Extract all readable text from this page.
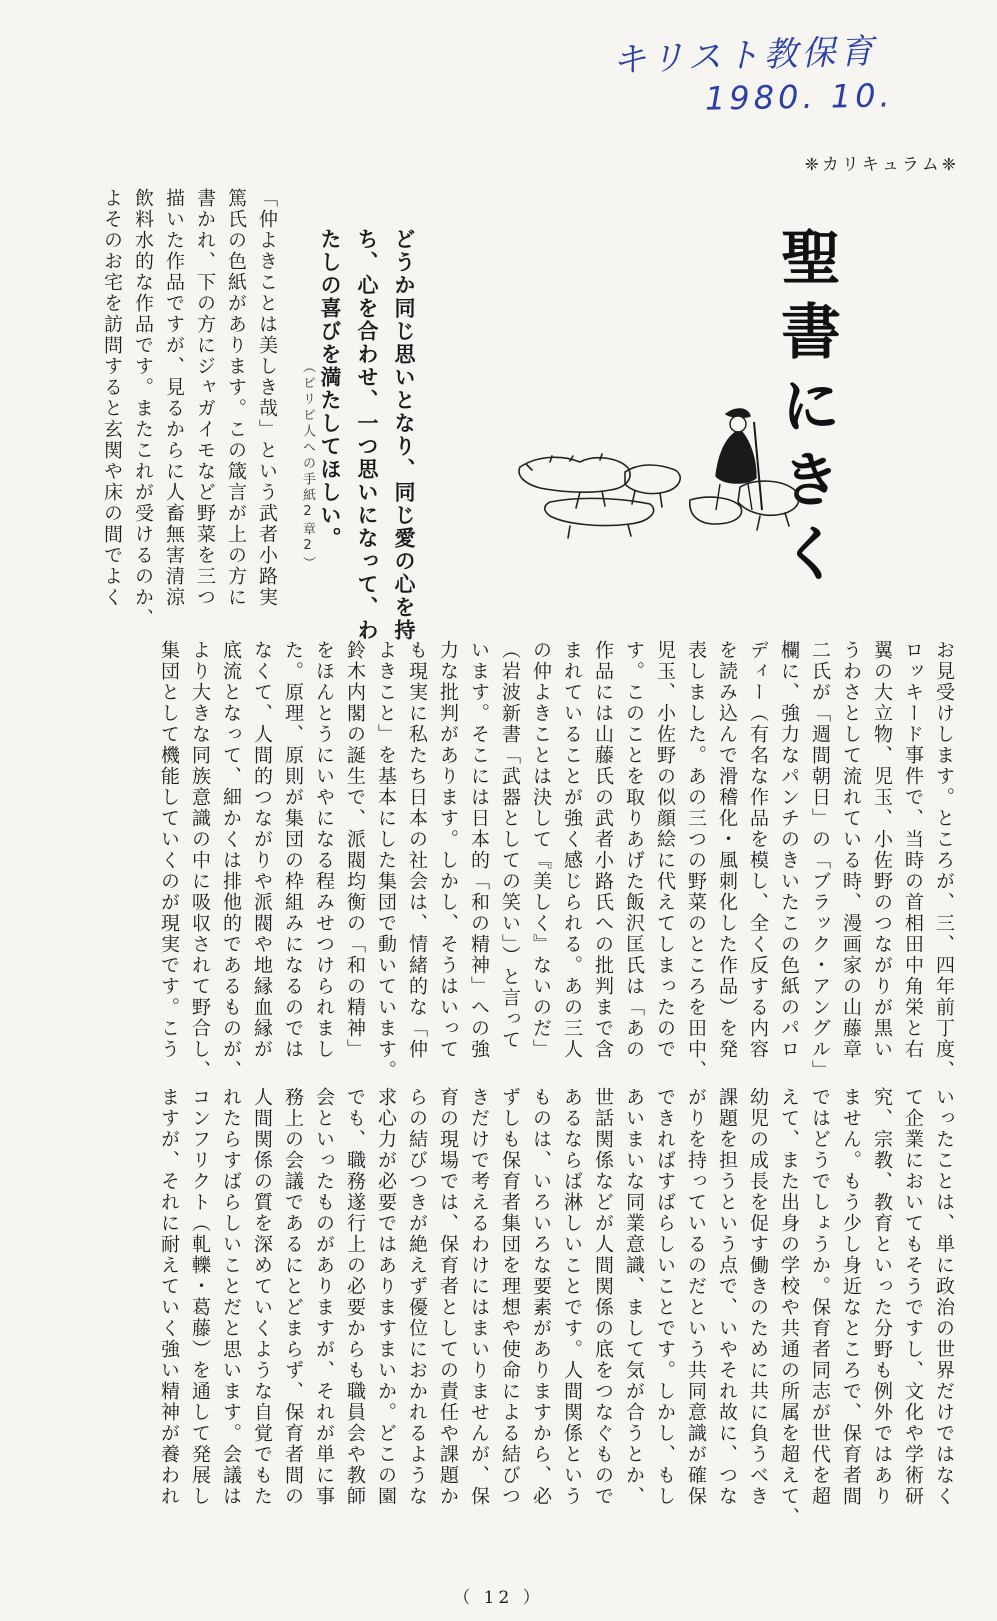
キリスト教保育
1980. 10.
❈カリキュラム❈
聖書にきく
どうか同じ思いとなり、同じ愛の心を持
ち、心を合わせ、一つ思いになって、わ
たしの喜びを満たしてほしい。
（ピリピ人への手紙2章2）
「仲よきことは美しき哉」という武者小路実
篤氏の色紙があります。この箴言が上の方に
書かれ、下の方にジャガイモなど野菜を三つ
描いた作品ですが、見るからに人畜無害清涼
飲料水的な作品です。またこれが受けるのか、
よそのお宅を訪問すると玄関や床の間でよく
お見受けします。ところが、三、四年前丁度、
ロッキード事件で、当時の首相田中角栄と右
翼の大立物、児玉、小佐野のつながりが黒い
うわさとして流れている時、漫画家の山藤章
二氏が「週間朝日」の「ブラック・アングル」
欄に、強力なパンチのきいたこの色紙のパロ
ディー（有名な作品を模し、全く反する内容
を読み込んで滑稽化・風刺化した作品）を発
表しました。あの三つの野菜のところを田中、
児玉、小佐野の似顔絵に代えてしまったので
す。このことを取りあげた飯沢匡氏は「あの
作品には山藤氏の武者小路氏への批判まで含
まれていることが強く感じられる。あの三人
の仲よきことは決して『美しく』ないのだ」
（岩波新書「武器としての笑い」）と言って
います。そこには日本的「和の精神」への強
力な批判があります。しかし、そうはいって
も現実に私たち日本の社会は、情緒的な「仲
よきこと」を基本にした集団で動いています。
鈴木内閣の誕生で、派閥均衡の「和の精神」
をほんとうにいやになる程みせつけられまし
た。原理、原則が集団の枠組みになるのでは
なくて、人間的つながりや派閥や地縁血縁が
底流となって、細かくは排他的であるものが、
より大きな同族意識の中に吸収されて野合し、
集団として機能していくのが現実です。こう
いったことは、単に政治の世界だけではなく
て企業においてもそうですし、文化や学術研
究、宗教、教育といった分野も例外ではあり
ません。もう少し身近なところで、保育者間
ではどうでしょうか。保育者同志が世代を超
えて、また出身の学校や共通の所属を超えて、
幼児の成長を促す働きのために共に負うべき
課題を担うという点で、いやそれ故に、つな
がりを持っているのだという共同意識が確保
できればすばらしいことです。しかし、もし
あいまいな同業意識、まして気が合うとか、
世話関係などが人間関係の底をつなぐもので
あるならば淋しいことです。人間関係という
ものは、いろいろな要素がありますから、必
ずしも保育者集団を理想や使命による結びつ
きだけで考えるわけにはまいりませんが、保
育の現場では、保育者としての責任や課題か
らの結びつきが絶えず優位におかれるような
求心力が必要ではありますまいか。どこの園
でも、職務遂行上の必要からも職員会や教師
会といったものがありますが、それが単に事
務上の会議であるにとどまらず、保育者間の
人間関係の質を深めていくような自覚でもた
れたらすばらしいことだと思います。会議は
コンフリクト（軋轢・葛藤）を通して発展し
ますが、それに耐えていく強い精神が養われ
（ 12 ）
